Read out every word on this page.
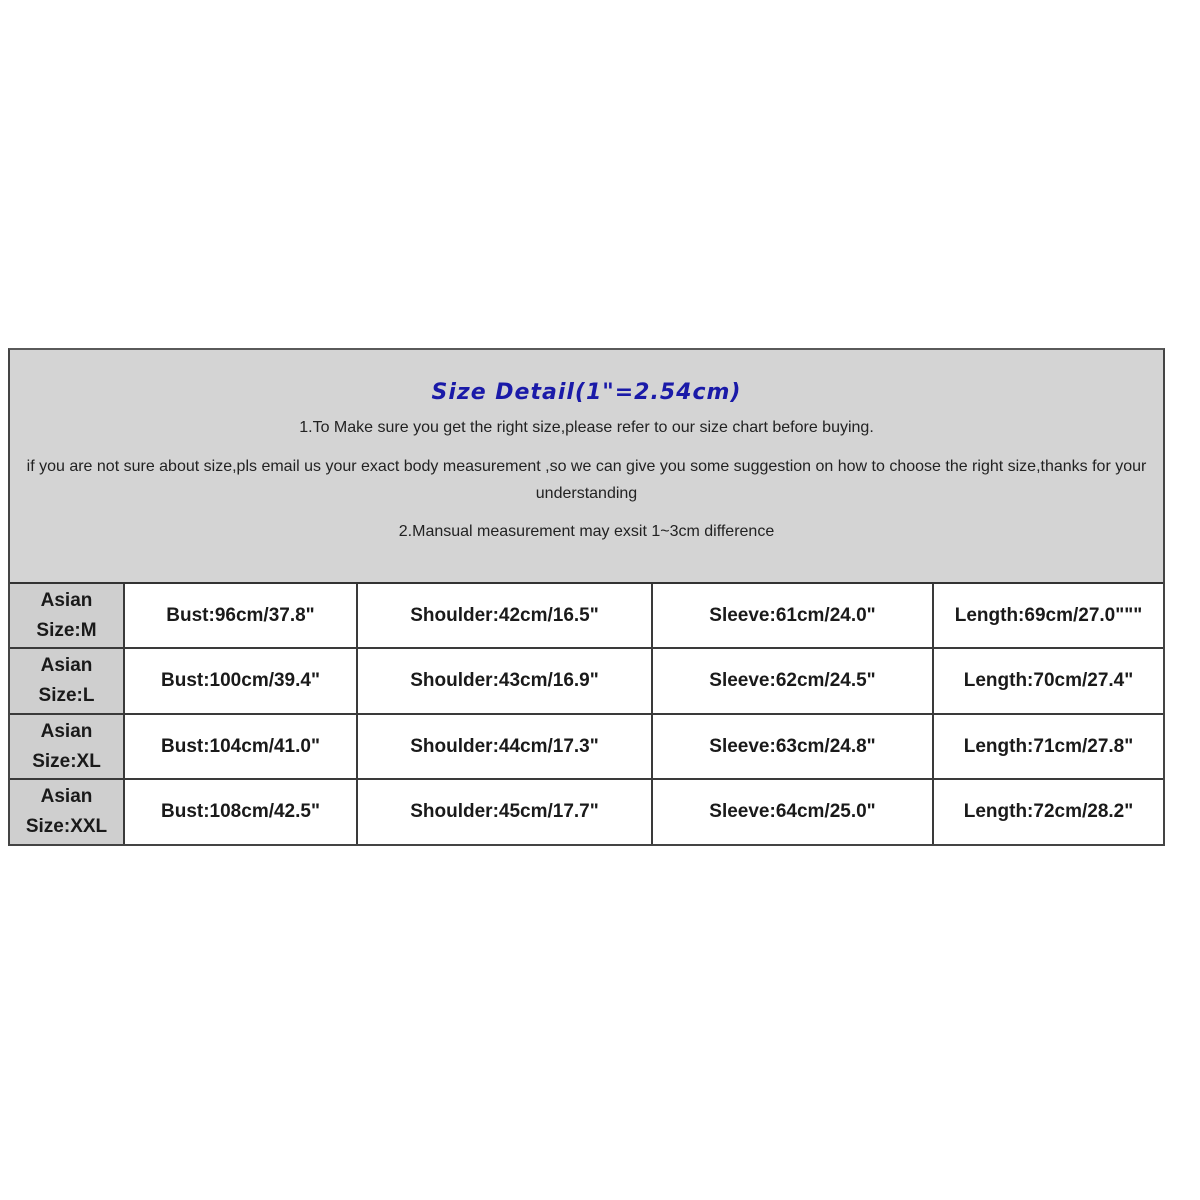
Size Detail(1"=2.54cm)
1.To Make sure you get the right size,please refer to our size chart before buying.
if you are not sure about size,pls email us your exact body measurement ,so we can give you some suggestion on how to choose the right size,thanks for your understanding
2.Mansual measurement may exsit 1~3cm difference
Asian
Size:M	Bust:96cm/37.8"	Shoulder:42cm/16.5"	Sleeve:61cm/24.0"	Length:69cm/27.0"""

Asian
Size:L	Bust:100cm/39.4"	Shoulder:43cm/16.9"	Sleeve:62cm/24.5"	Length:70cm/27.4"

Asian
Size:XL	Bust:104cm/41.0"	Shoulder:44cm/17.3"	Sleeve:63cm/24.8"	Length:71cm/27.8"

Asian
Size:XXL	Bust:108cm/42.5"	Shoulder:45cm/17.7"	Sleeve:64cm/25.0"	Length:72cm/28.2"
